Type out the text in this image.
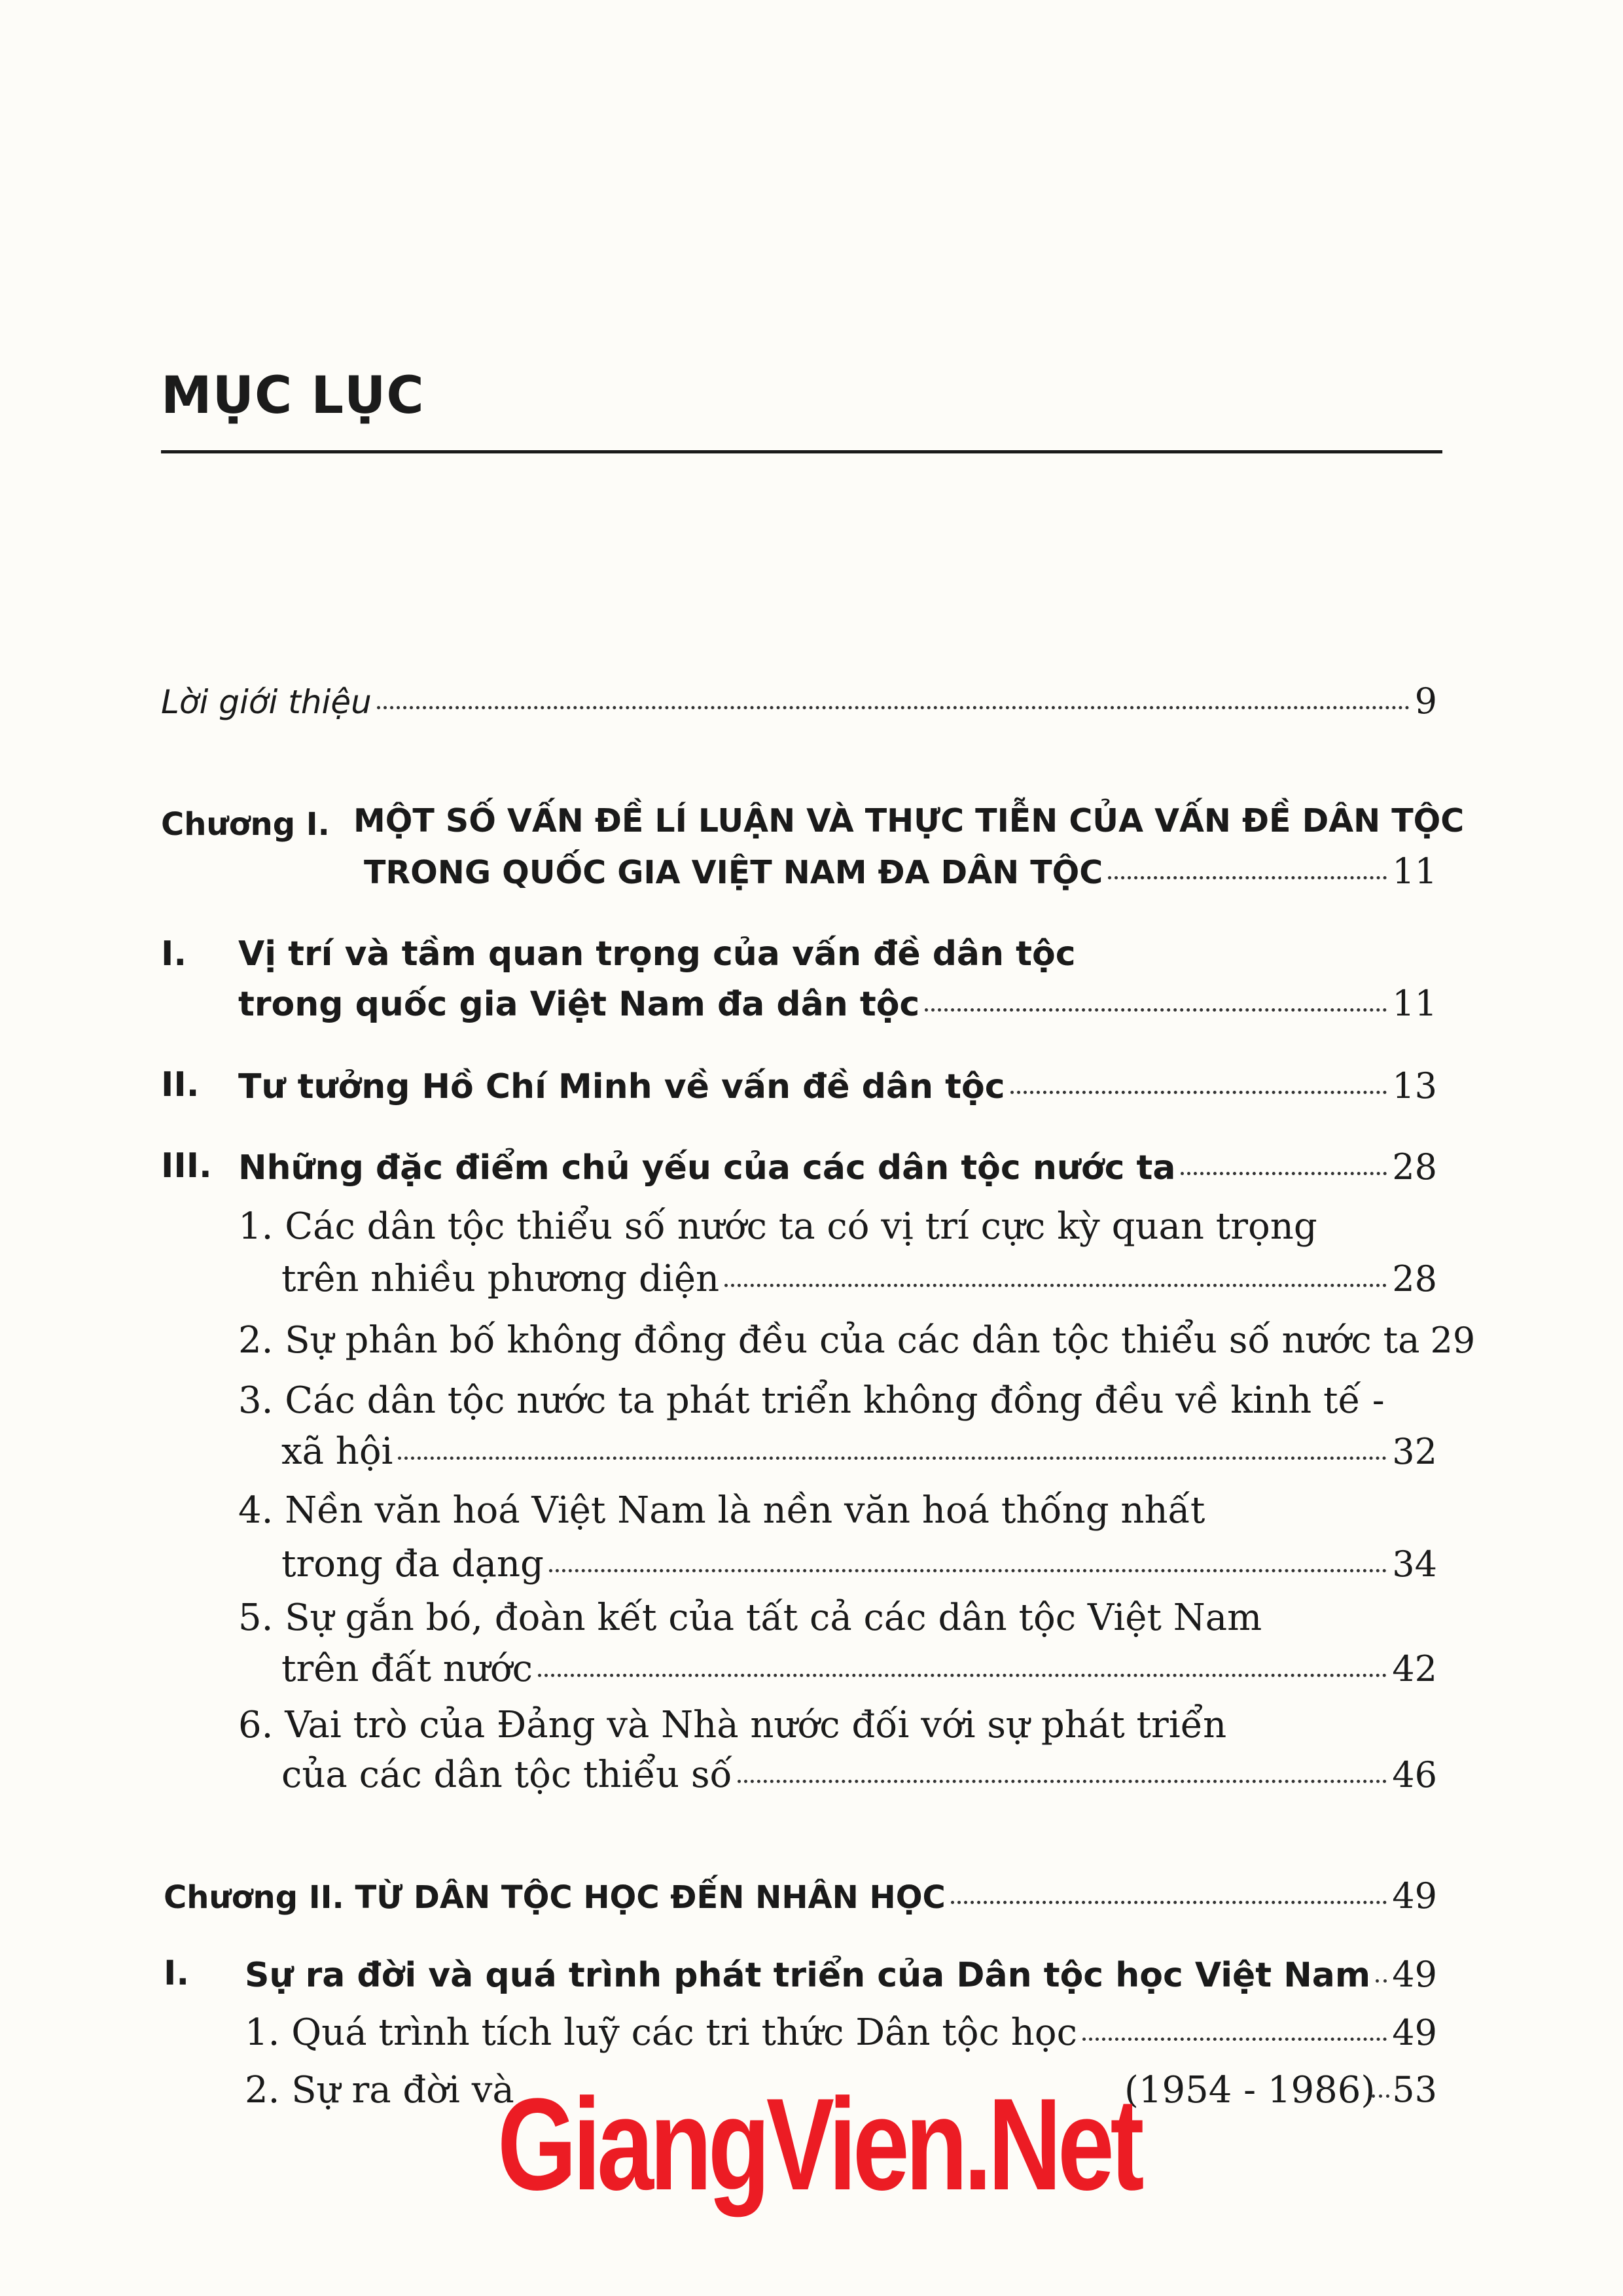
MỤC LỤC
Lời giới thiệu	9
Chương I. MỘT SỐ VẤN ĐỀ LÍ LUẬN VÀ THỰC TIỄN CỦA VẤN ĐỀ DÂN TỘC
TRONG QUỐC GIA VIỆT NAM ĐA DÂN TỘC	11
I. Vị trí và tầm quan trọng của vấn đề dân tộc
trong quốc gia Việt Nam đa dân tộc	11
II. Tư tưởng Hồ Chí Minh về vấn đề dân tộc	13
III. Những đặc điểm chủ yếu của các dân tộc nước ta	28
1. Các dân tộc thiểu số nước ta có vị trí cực kỳ quan trọng
trên nhiều phương diện	28
2. Sự phân bố không đồng đều của các dân tộc thiểu số nước ta 29
3. Các dân tộc nước ta phát triển không đồng đều về kinh tế -
xã hội	32
4. Nền văn hoá Việt Nam là nền văn hoá thống nhất
trong đa dạng	34
5. Sự gắn bó, đoàn kết của tất cả các dân tộc Việt Nam
trên đất nước	42
6. Vai trò của Đảng và Nhà nước đối với sự phát triển
của các dân tộc thiểu số	46
Chương II. TỪ DÂN TỘC HỌC ĐẾN NHÂN HỌC	49
I. Sự ra đời và quá trình phát triển của Dân tộc học Việt Nam 49
1. Quá trình tích luỹ các tri thức Dân tộc học	49
2. Sự ra đời và	(1954 - 1986) 53
GiangVien.Net
